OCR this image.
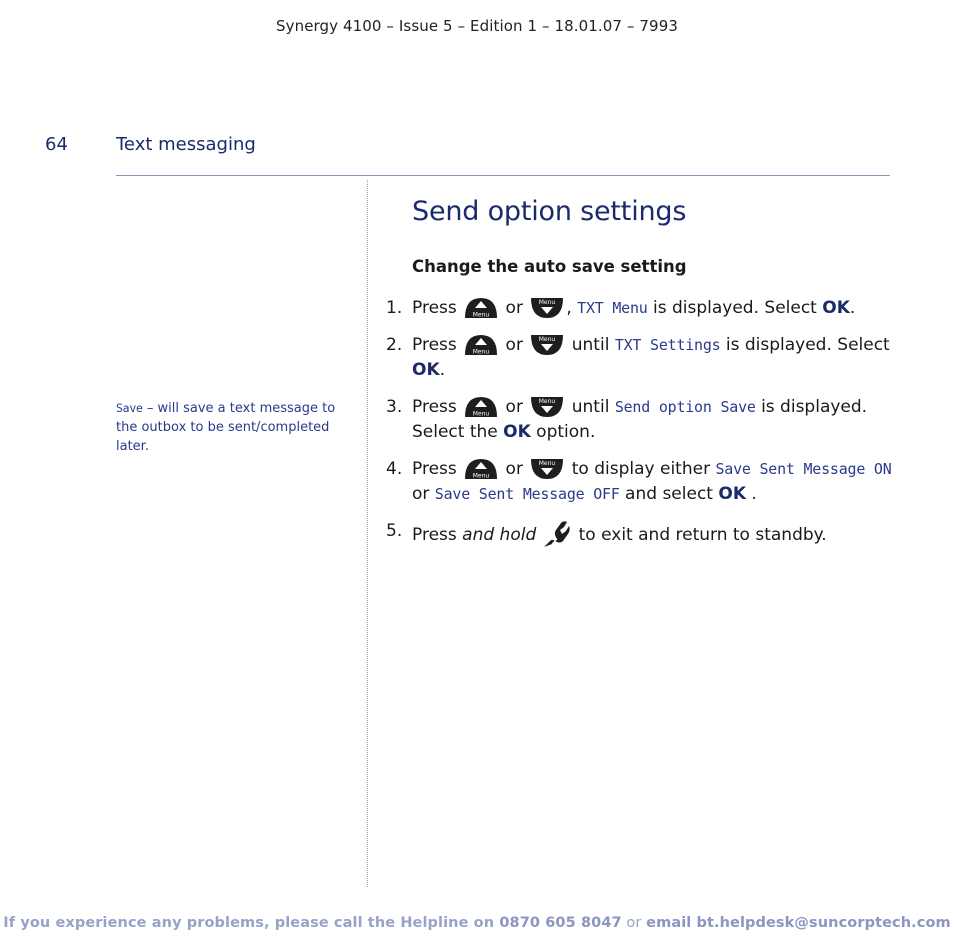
Synergy 4100 – Issue 5 – Edition 1 – 18.01.07 – 7993
64	Text messaging
Save – will save a text message to the outbox to be sent/completed later.
Send option settings
Change the auto save setting
1. Press Menu or Menu , TXT Menu is displayed. Select OK.
2. Press Menu or Menu until TXT Settings is displayed. Select OK.
3. Press Menu or Menu until Send option Save is displayed. Select the OK option.
4. Press Menu or Menu to display either Save Sent Message ON or Save Sent Message OFF and select OK .
5. Press and hold
to exit and return to standby.
If you experience any problems, please call the Helpline on 0870 605 8047 or email bt.helpdesk@suncorptech.com
